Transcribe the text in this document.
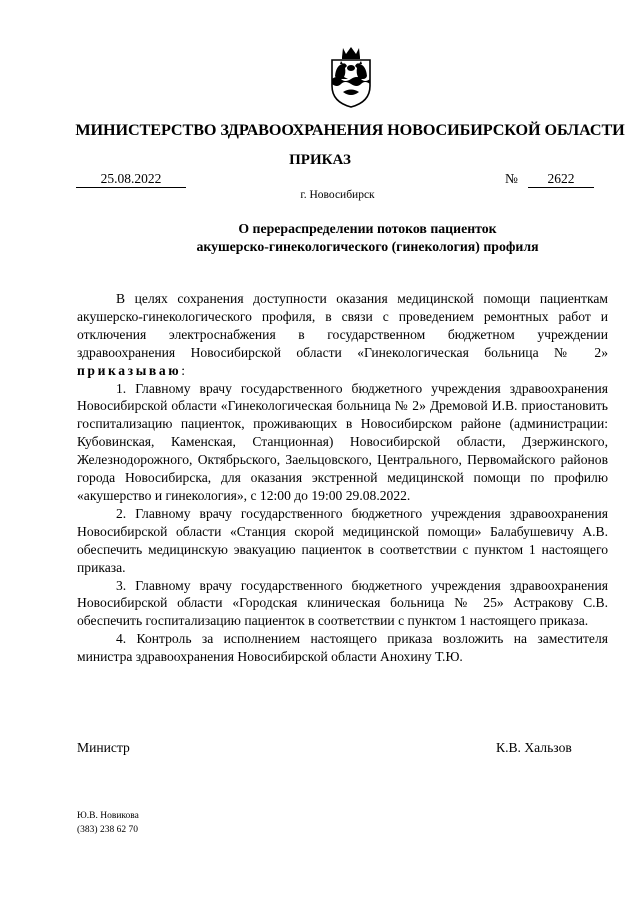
МИНИСТЕРСТВО ЗДРАВООХРАНЕНИЯ НОВОСИБИРСКОЙ ОБЛАСТИ
ПРИКАЗ
25.08.2022	№	2622
г. Новосибирск
О перераспределении потоков пациенток
акушерско-гинекологического (гинекология) профиля

В целях сохранения доступности оказания медицинской помощи пациенткам акушерско-гинекологического профиля, в связи с проведением ремонтных работ и отключения электроснабжения в государственном бюджетном учреждении здравоохранения Новосибирской области «Гинекологическая больница № 2» приказываю:

1. Главному врачу государственного бюджетного учреждения здравоохранения Новосибирской области «Гинекологическая больница № 2» Дремовой И.В. приостановить госпитализацию пациенток, проживающих в Новосибирском районе (администрации: Кубовинская, Каменская, Станционная) Новосибирской области, Дзержинского, Железнодорожного, Октябрьского, Заельцовского, Центрального, Первомайского районов города Новосибирска, для оказания экстренной медицинской помощи по профилю «акушерство и гинекология», с 12:00 до 19:00 29.08.2022.

2. Главному врачу государственного бюджетного учреждения здравоохранения Новосибирской области «Станция скорой медицинской помощи» Балабушевичу А.В. обеспечить медицинскую эвакуацию пациенток в соответствии с пунктом 1 настоящего приказа.

3. Главному врачу государственного бюджетного учреждения здравоохранения Новосибирской области «Городская клиническая больница № 25» Астракову С.В. обеспечить госпитализацию пациенток в соответствии с пунктом 1 настоящего приказа.

4. Контроль за исполнением настоящего приказа возложить на заместителя министра здравоохранения Новосибирской области Анохину Т.Ю.

Министр	К.В. Хальзов
Ю.В. Новикова
(383) 238 62 70
